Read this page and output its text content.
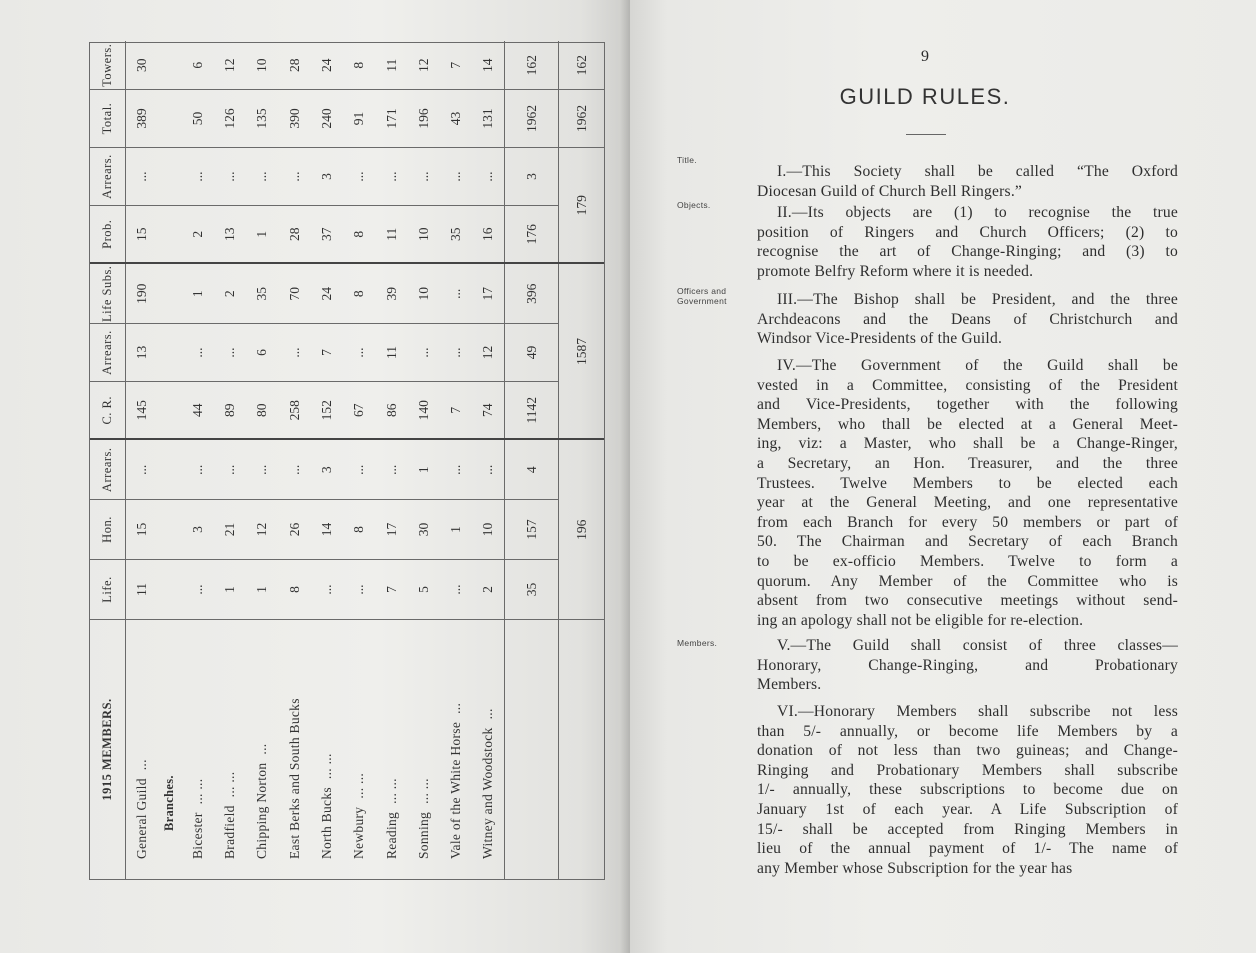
1915 MEMBERS.	Life.	Hon.	Arrears.	C. R.	Arrears.	Life Subs.	Prob.	Arrears.	Total.	Towers.
General Guild...	11	15	...	145	13	190	15	...	389	30
Branches.										
Bicester... ...	...	3	...	44	...	1	2	...	50	6
Bradfield... ...	1	21	...	89	...	2	13	...	126	12
Chipping Norton...	1	12	...	80	6	35	1	...	135	10
East Berks and South Bucks	8	26	...	258	...	70	28	...	390	28
North Bucks... ...	...	14	3	152	7	24	37	3	240	24
Newbury... ...	...	8	...	67	...	8	8	...	91	8
Reading... ...	7	17	...	86	11	39	11	...	171	11
Sonning... ...	5	30	1	140	...	10	10	...	196	12
Vale of the White Horse...	...	1	...	7	...	...	35	...	43	7
Witney and Woodstock...	2	10	...	74	12	17	16	...	131	14
	35	157	4	1142	49	396	176	3	1962	162
	196			1587			179		1962	162	9
GUILD RULES.
Title.
Objects.
Officers and
Government
Members.
I.—This Society shall be called “The Oxford
Diocesan Guild of Church Bell Ringers.”
II.—Its objects are (1) to recognise the true
position of Ringers and Church Officers; (2) to
recognise the art of Change-Ringing; and (3) to
promote Belfry Reform where it is needed.
III.—The Bishop shall be President, and the three
Archdeacons and the Deans of Christchurch and
Windsor Vice-Presidents of the Guild.
IV.—The Government of the Guild shall be
vested in a Committee, consisting of the President
and Vice-Presidents, together with the following
Members, who thall be elected at a General Meet-
ing, viz: a Master, who shall be a Change-Ringer,
a Secretary, an Hon. Treasurer, and the three
Trustees. Twelve Members to be elected each
year at the General Meeting, and one representative
from each Branch for every 50 members or part of
50. The Chairman and Secretary of each Branch
to be ex-officio Members. Twelve to form a
quorum. Any Member of the Committee who is
absent from two consecutive meetings without send-
ing an apology shall not be eligible for re-election.
V.—The Guild shall consist of three classes—
Honorary, Change-Ringing, and Probationary
Members.
VI.—Honorary Members shall subscribe not less
than 5/- annually, or become life Members by a
donation of not less than two guineas; and Change-
Ringing and Probationary Members shall subscribe
1/- annually, these subscriptions to become due on
January 1st of each year. A Life Subscription of
15/- shall be accepted from Ringing Members in
lieu of the annual payment of 1/- The name of
any Member whose Subscription for the year has
